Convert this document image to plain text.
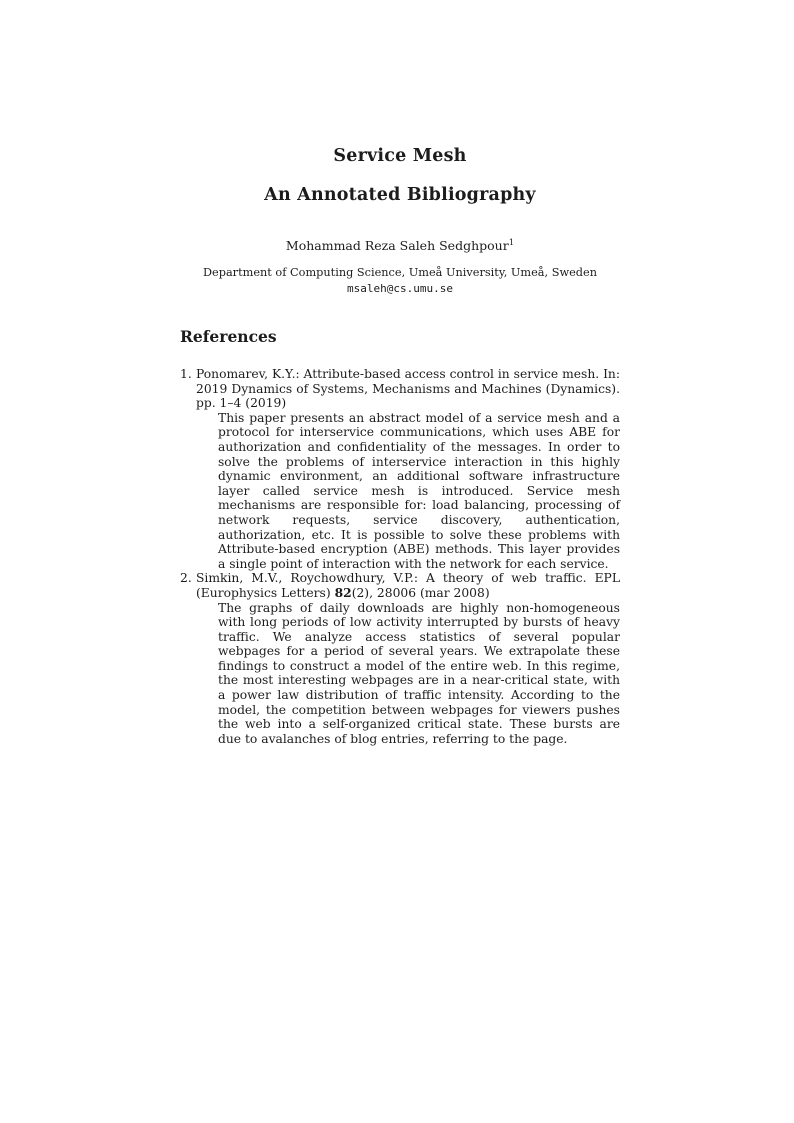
Service Mesh
An Annotated Bibliography

Mohammad Reza Saleh Sedghpour$^1$

Department of Computing Science, Umeå University, Umeå, Sweden

msaleh@cs.umu.se

References
1. Ponomarev, K.Y.: Attribute-based access control in service mesh. In: 2019 Dynamics of Systems, Mechanisms and Machines (Dynamics). pp. 1–4 (2019)

This paper presents an abstract model of a service mesh and a protocol for interservice communications, which uses ABE for authorization and confidentiality of the messages. In order to solve the problems of interservice interaction in this highly dynamic environment, an additional software infrastructure layer called service mesh is introduced. Service mesh mechanisms are responsible for: load balancing, processing of network requests, service discovery, authentication, authorization, etc. It is possible to solve these problems with Attribute-based encryption (ABE) methods. This layer provides a single point of interaction with the network for each service.

2. Simkin, M.V., Roychowdhury, V.P.: A theory of web traffic. EPL (Europhysics Letters) 82(2), 28006 (mar 2008)

The graphs of daily downloads are highly non-homogeneous with long periods of low activity interrupted by bursts of heavy traffic. We analyze access statistics of several popular webpages for a period of several years. We extrapolate these findings to construct a model of the entire web. In this regime, the most interesting webpages are in a near-critical state, with a power law distribution of traffic intensity. According to the model, the competition between webpages for viewers pushes the web into a self-organized critical state. These bursts are due to avalanches of blog entries, referring to the page.
